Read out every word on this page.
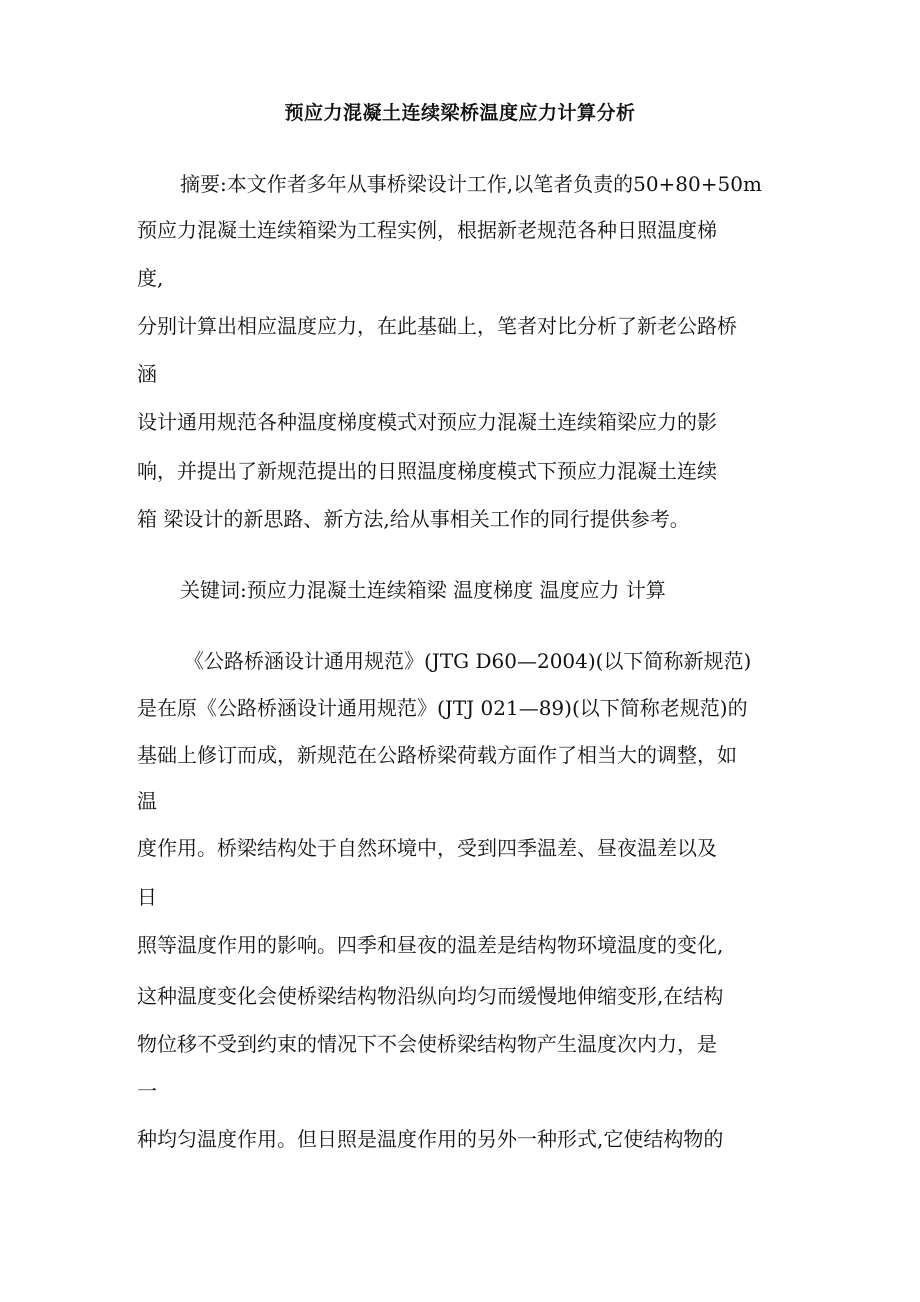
预应力混凝土连续梁桥温度应力计算分析
摘要:本文作者多年从事桥梁设计工作,以笔者负责的50+80+50m
预应力混凝土连续箱梁为工程实例，根据新老规范各种日照温度梯
度,
分别计算出相应温度应力，在此基础上，笔者对比分析了新老公路桥
涵
设计通用规范各种温度梯度模式对预应力混凝土连续箱梁应力的影
响，并提出了新规范提出的日照温度梯度模式下预应力混凝土连续
箱 梁设计的新思路、新方法,给从事相关工作的同行提供参考。
关键词:预应力混凝土连续箱梁 温度梯度 温度应力 计算
《公路桥涵设计通用规范》(JTG D60—2004)(以下简称新规范)
是在原《公路桥涵设计通用规范》(JTJ 021—89)(以下简称老规范)的
基础上修订而成，新规范在公路桥梁荷载方面作了相当大的调整，如
温
度作用。桥梁结构处于自然环境中，受到四季温差、昼夜温差以及
日
照等温度作用的影响。四季和昼夜的温差是结构物环境温度的变化,
这种温度变化会使桥梁结构物沿纵向均匀而缓慢地伸缩变形,在结构
物位移不受到约束的情况下不会使桥梁结构物产生温度次内力，是
一
种均匀温度作用。但日照是温度作用的另外一种形式,它使结构物的
